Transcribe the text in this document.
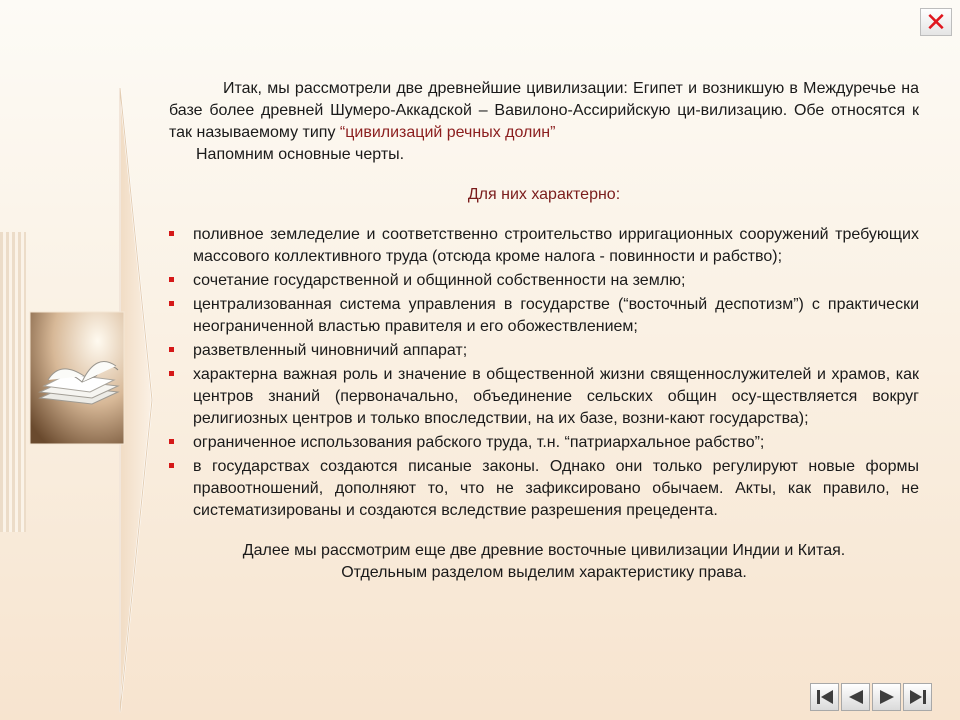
✕

Итак, мы рассмотрели две древнейшие цивилизации: Египет и возникшую в Междуречье на базе более древней Шумеро-Аккадской – Вавилоно-Ассирийскую ци-вилизацию. Обе относятся к так называемому типу “цивилизаций речных долин”

Напомним основные черты.

Для них характерно:

поливное земледелие и соответственно строительство ирригационных сооружений требующих массового коллективного труда (отсюда кроме налога - повинности и рабство);
сочетание государственной и общинной собственности на землю;
централизованная система управления в государстве (“восточный деспотизм”) с практически неограниченной властью правителя и его обожествлением;
разветвленный чиновничий аппарат;
характерна важная роль и значение в общественной жизни священнослужителей и храмов, как центров знаний (первоначально, объединение сельских общин осу-ществляется вокруг религиозных центров и только впоследствии, на их базе, возни-кают государства);
ограниченное использования рабского труда, т.н. “патриархальное рабство”;
в государствах создаются писаные законы. Однако они только регулируют новые формы правоотношений, дополняют то, что не зафиксировано обычаем. Акты, как правило, не систематизированы и создаются вследствие разрешения прецедента.

Далее мы рассмотрим еще две древние восточные цивилизации Индии и Китая.

Отдельным разделом выделим характеристику права.
